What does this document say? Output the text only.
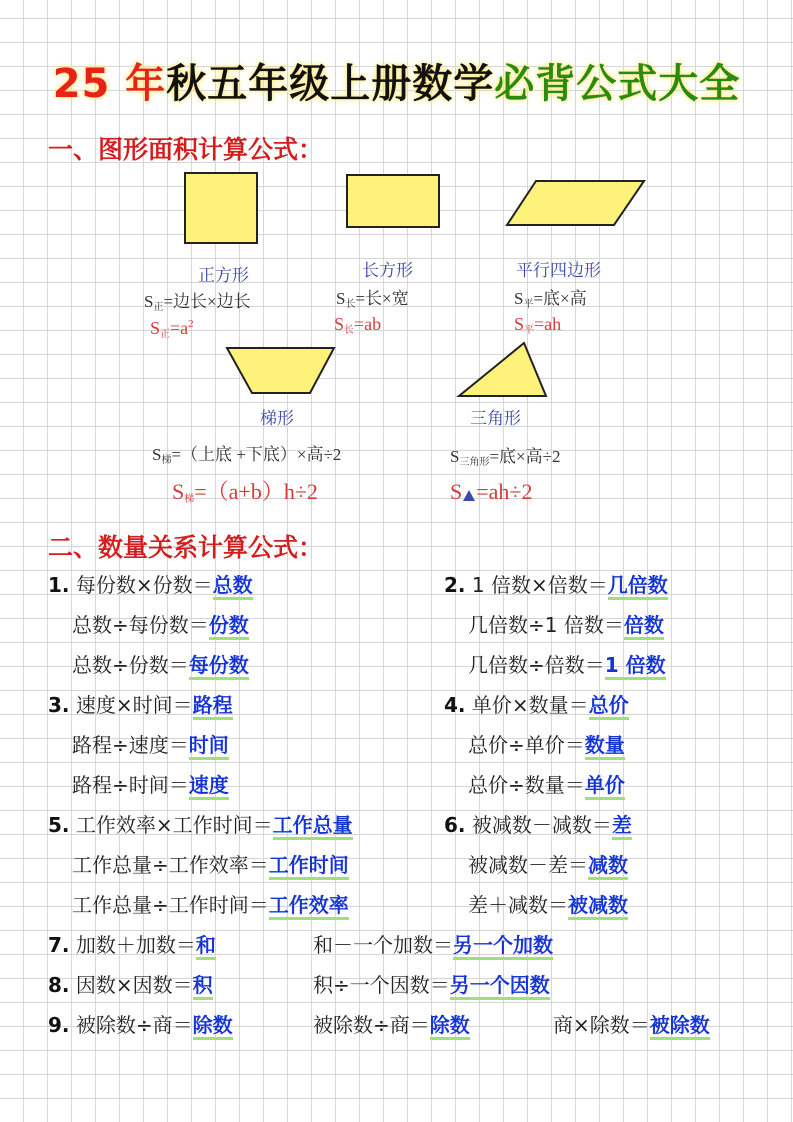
25 年秋五年级上册数学必背公式大全
一、图形面积计算公式：
正方形	长方形	平行四边形
梯形	三角形
$S_正=$边长×边长	$S_长=$长×宽	$S_平=$底×高
$S_梯=$（上底 +下底）×高÷2	$S_{三角形}=$底×高÷2
$S_正=a^2$	$S_长=ab$	$S_平=ah$
$S_梯=(a+b)h\div 2$	S =ah÷2
二、数量关系计算公式：
1. 每份数×份数＝总数
总数÷每份数＝份数
总数÷份数＝每份数
3. 速度×时间＝路程
路程÷速度＝时间
路程÷时间＝速度
5. 工作效率×工作时间＝工作总量
工作总量÷工作效率＝工作时间
工作总量÷工作时间＝工作效率
2. 1 倍数×倍数＝几倍数
几倍数÷1 倍数＝倍数
几倍数÷倍数＝1 倍数
4. 单价×数量＝总价
总价÷单价＝数量
总价÷数量＝单价
6. 被减数－减数＝差
被减数－差＝减数
差＋减数＝被减数
7. 加数＋加数＝和	和－一个加数＝另一个加数
8. 因数×因数＝积	积÷一个因数＝另一个因数
9. 被除数÷商＝除数	被除数÷商＝除数	商×除数＝被除数
